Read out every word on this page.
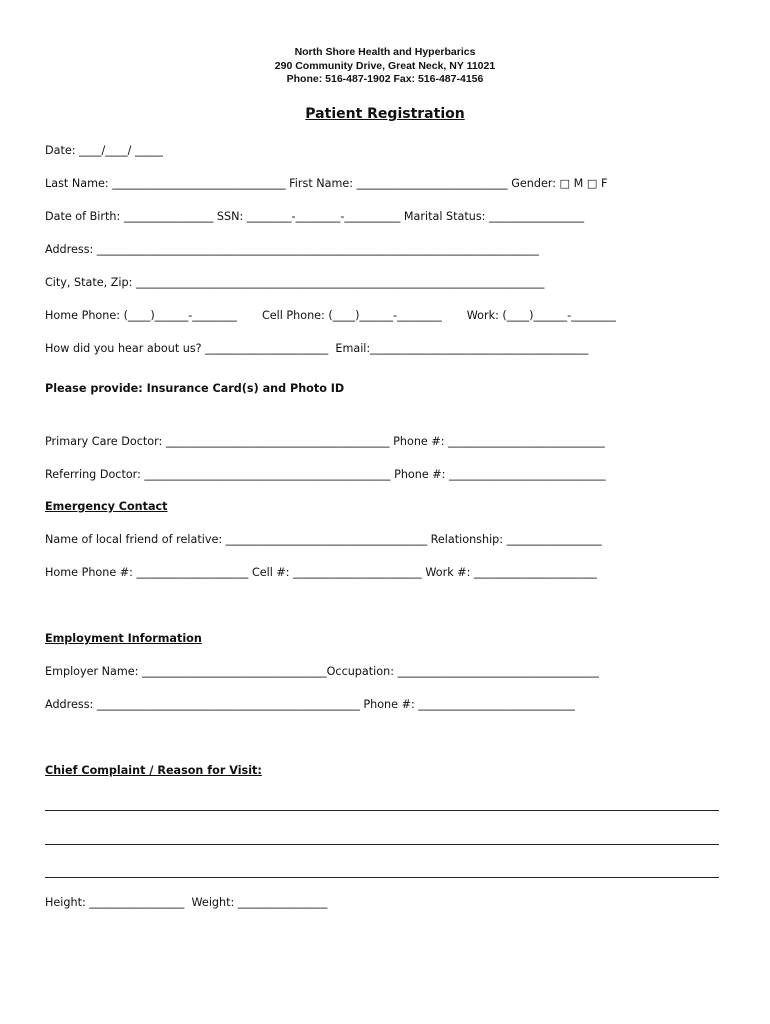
North Shore Health and Hyperbarics
290 Community Drive, Great Neck, NY 11021
Phone: 516-487-1902 Fax: 516-487-4156
Patient Registration
Date: ____/____/ _____
Last Name: _______________________________ First Name: ___________________________ Gender: □ M □ F
Date of Birth: ________________ SSN: ________-________-__________ Marital Status: _________________
Address: _______________________________________________________________________________
City, State, Zip: _________________________________________________________________________
Home Phone: (____)______-________ Cell Phone: (____)______-________ Work: (____)______-________
How did you hear about us? ______________________ Email:_______________________________________
Please provide: Insurance Card(s) and Photo ID
Primary Care Doctor: ________________________________________ Phone #: ____________________________
Referring Doctor: ____________________________________________ Phone #: ____________________________
Emergency Contact
Name of local friend of relative: ____________________________________ Relationship: _________________
Home Phone #: ____________________ Cell #: _______________________ Work #: ______________________
Employment Information
Employer Name: _________________________________Occupation: ____________________________________
Address: _______________________________________________ Phone #: ____________________________
Chief Complaint / Reason for Visit:
Height: _________________ Weight: ________________
